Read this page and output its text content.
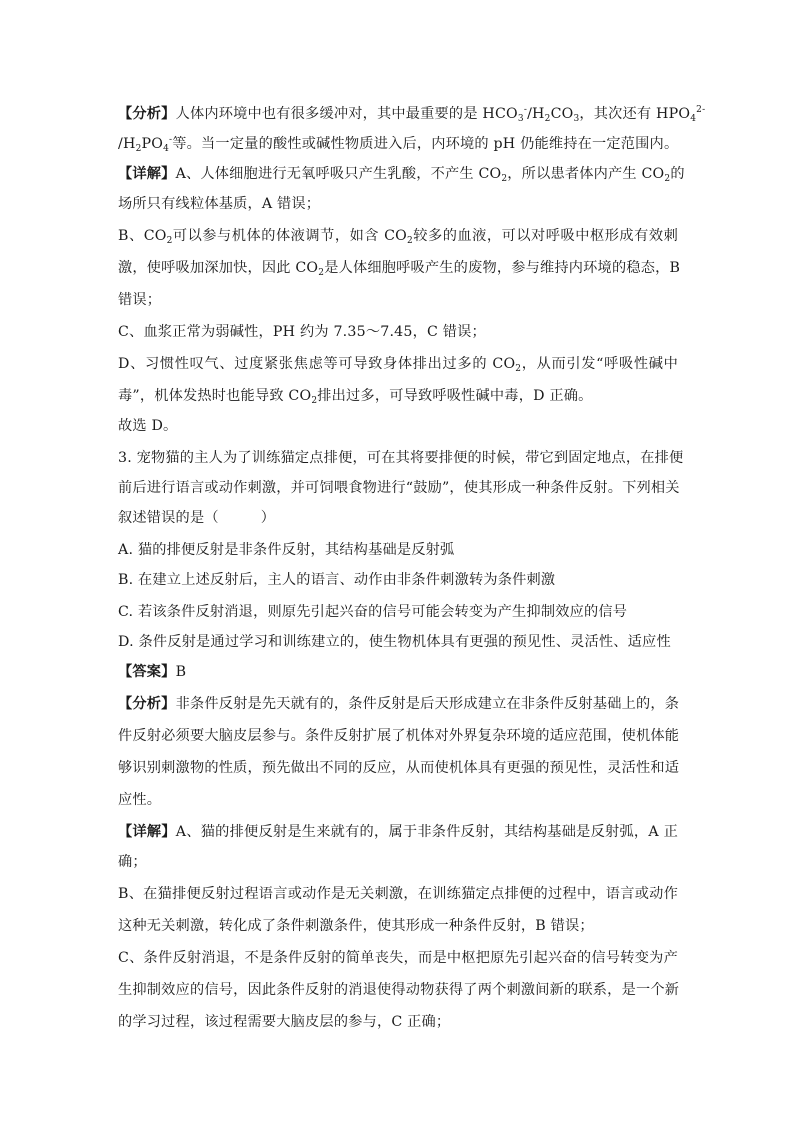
【分析】人体内环境中也有很多缓冲对，其中最重要的是 $HCO_3^-/H_2CO_3$，其次还有 $HPO_4^{2-}$
$/H_2PO_4^-$等。当一定量的酸性或碱性物质进入后，内环境的 pH 仍能维持在一定范围内。
【详解】A、人体细胞进行无氧呼吸只产生乳酸，不产生 $CO_2$，所以患者体内产生 $CO_2$的
场所只有线粒体基质，A 错误；
B、$CO_2$可以参与机体的体液调节，如含 $CO_2$较多的血液，可以对呼吸中枢形成有效刺
激，使呼吸加深加快，因此 $CO_2$是人体细胞呼吸产生的废物，参与维持内环境的稳态，B
错误；
C、血浆正常为弱碱性，PH 约为 7.35～7.45，C 错误；
D、习惯性叹气、过度紧张焦虑等可导致身体排出过多的 $CO_2$，从而引发“呼吸性碱中
毒”，机体发热时也能导致 $CO_2$排出过多，可导致呼吸性碱中毒，D 正确。
故选 D。
3. 宠物猫的主人为了训练猫定点排便，可在其将要排便的时候，带它到固定地点，在排便
前后进行语言或动作刺激，并可饲喂食物进行“鼓励”，使其形成一种条件反射。下列相关
叙述错误的是（	）
A. 猫的排便反射是非条件反射，其结构基础是反射弧
B. 在建立上述反射后，主人的语言、动作由非条件刺激转为条件刺激
C. 若该条件反射消退，则原先引起兴奋的信号可能会转变为产生抑制效应的信号
D. 条件反射是通过学习和训练建立的，使生物机体具有更强的预见性、灵活性、适应性
【答案】B
【分析】非条件反射是先天就有的，条件反射是后天形成建立在非条件反射基础上的，条
件反射必须要大脑皮层参与。条件反射扩展了机体对外界复杂环境的适应范围，使机体能
够识别刺激物的性质，预先做出不同的反应，从而使机体具有更强的预见性，灵活性和适
应性。
【详解】A、猫的排便反射是生来就有的，属于非条件反射，其结构基础是反射弧，A 正
确；
B、在猫排便反射过程语言或动作是无关刺激，在训练猫定点排便的过程中，语言或动作
这种无关刺激，转化成了条件刺激条件，使其形成一种条件反射，B 错误；
C、条件反射消退，不是条件反射的简单丧失，而是中枢把原先引起兴奋的信号转变为产
生抑制效应的信号，因此条件反射的消退使得动物获得了两个刺激间新的联系，是一个新
的学习过程，该过程需要大脑皮层的参与，C 正确；
